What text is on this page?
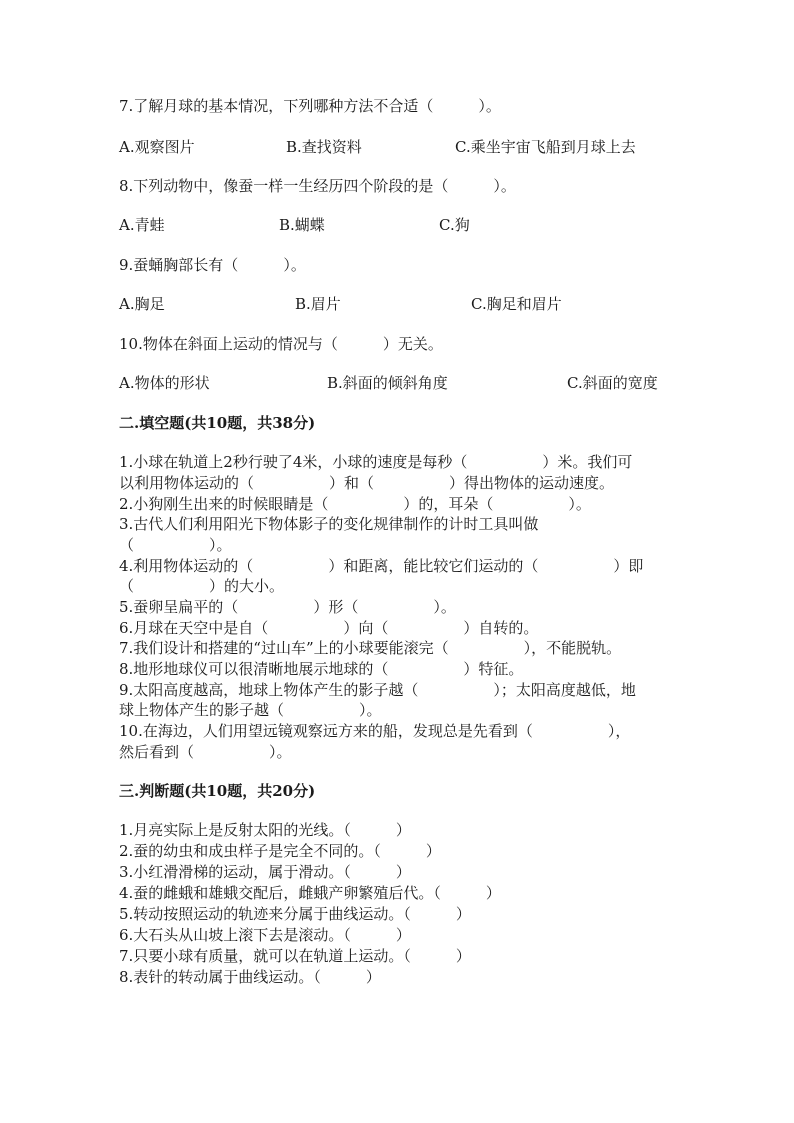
7.了解月球的基本情况，下列哪种方法不合适（　　　）。
A.观察图片	B.查找资料	C.乘坐宇宙飞船到月球上去
8.下列动物中，像蚕一样一生经历四个阶段的是（　　　）。
A.青蛙	B.蝴蝶	C.狗
9.蚕蛹胸部长有（　　　）。
A.胸足	B.眉片	C.胸足和眉片
10.物体在斜面上运动的情况与（　　　）无关。
A.物体的形状	B.斜面的倾斜角度	C.斜面的宽度
二.填空题(共10题，共38分)
1.小球在轨道上2秒行驶了4米，小球的速度是每秒（　　　　　）米。我们可
以利用物体运动的（　　　　　）和（　　　　　）得出物体的运动速度。
2.小狗刚生出来的时候眼睛是（　　　　　）的，耳朵（　　　　　）。
3.古代人们利用阳光下物体影子的变化规律制作的计时工具叫做
（　　　　　）。
4.利用物体运动的（　　　　　）和距离，能比较它们运动的（　　　　　）即
（　　　　　）的大小。
5.蚕卵呈扁平的（　　　　　）形（　　　　　）。
6.月球在天空中是自（　　　　　）向（　　　　　）自转的。
7.我们设计和搭建的“过山车”上的小球要能滚完（　　　　　），不能脱轨。
8.地形地球仪可以很清晰地展示地球的（　　　　　）特征。
9.太阳高度越高，地球上物体产生的影子越（　　　　　）；太阳高度越低，地
球上物体产生的影子越（　　　　　）。
10.在海边，人们用望远镜观察远方来的船，发现总是先看到（　　　　　），
然后看到（　　　　　）。
三.判断题(共10题，共20分)
1.月亮实际上是反射太阳的光线。（　　　）
2.蚕的幼虫和成虫样子是完全不同的。（　　　）
3.小红滑滑梯的运动，属于滑动。（　　　）
4.蚕的雌蛾和雄蛾交配后，雌蛾产卵繁殖后代。（　　　）
5.转动按照运动的轨迹来分属于曲线运动。（　　　）
6.大石头从山坡上滚下去是滚动。（　　　）
7.只要小球有质量，就可以在轨道上运动。（　　　）
8.表针的转动属于曲线运动。（　　　）
